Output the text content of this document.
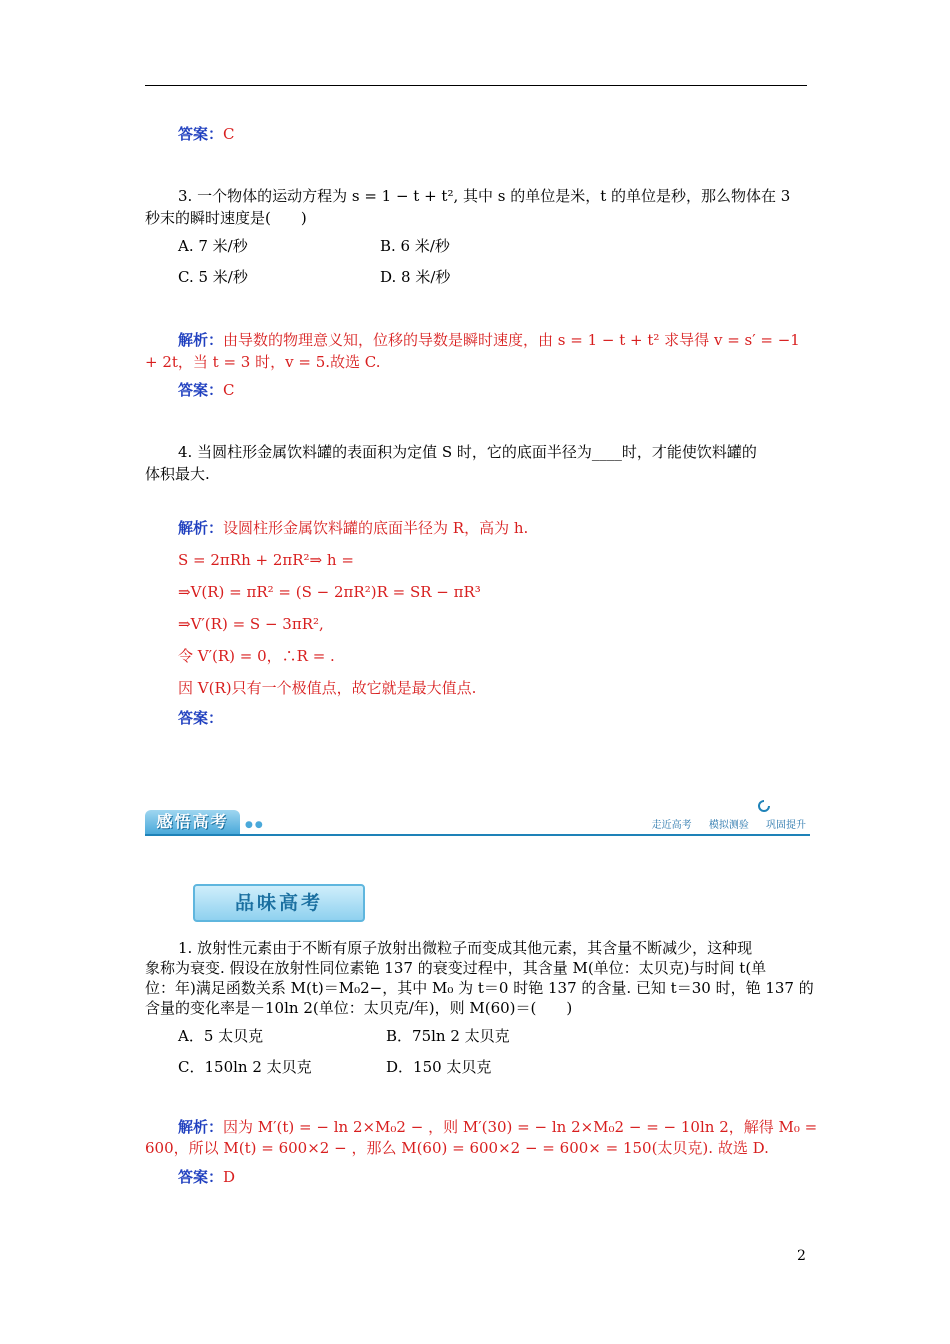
答案：C
3. 一个物体的运动方程为 s = 1 − t + t², 其中 s 的单位是米，t 的单位是秒，那么物体在 3
秒末的瞬时速度是(　　)
A. 7 米/秒	B. 6 米/秒
C. 5 米/秒	D. 8 米/秒
解析：由导数的物理意义知，位移的导数是瞬时速度，由 s = 1 − t + t² 求导得 v = s′ = −1
+ 2t，当 t = 3 时，v = 5.故选 C.
答案：C
4. 当圆柱形金属饮料罐的表面积为定值 S 时，它的底面半径为____时，才能使饮料罐的
体积最大.
解析：设圆柱形金属饮料罐的底面半径为 R，高为 h.
S = 2πRh + 2πR²⇒ h =
⇒V(R) = πR² = (S − 2πR²)R = SR − πR³
⇒V′(R) = S − 3πR²,
令 V′(R) = 0，∴R = .
因 V(R)只有一个极值点，故它就是最大值点.
答案：
感悟高考	●●	走近高考 模拟测验 巩固提升
品味高考
1. 放射性元素由于不断有原子放射出微粒子而变成其他元素，其含量不断减少，这种现
象称为衰变. 假设在放射性同位素铯 137 的衰变过程中，其含量 M(单位：太贝克)与时间 t(单
位：年)满足函数关系 M(t)＝M₀2−，其中 M₀ 为 t＝0 时铯 137 的含量. 已知 t＝30 时，铯 137 的
含量的变化率是－10ln 2(单位：太贝克/年)，则 M(60)＝(　　)
A．5 太贝克	B．75ln 2 太贝克
C．150ln 2 太贝克	D．150 太贝克
解析：因为 M′(t) = − ln 2×M₀2 − ，则 M′(30) = − ln 2×M₀2 − = − 10ln 2，解得 M₀ =
600，所以 M(t) = 600×2 − ，那么 M(60) = 600×2 − = 600× = 150(太贝克). 故选 D.
答案：D
2
